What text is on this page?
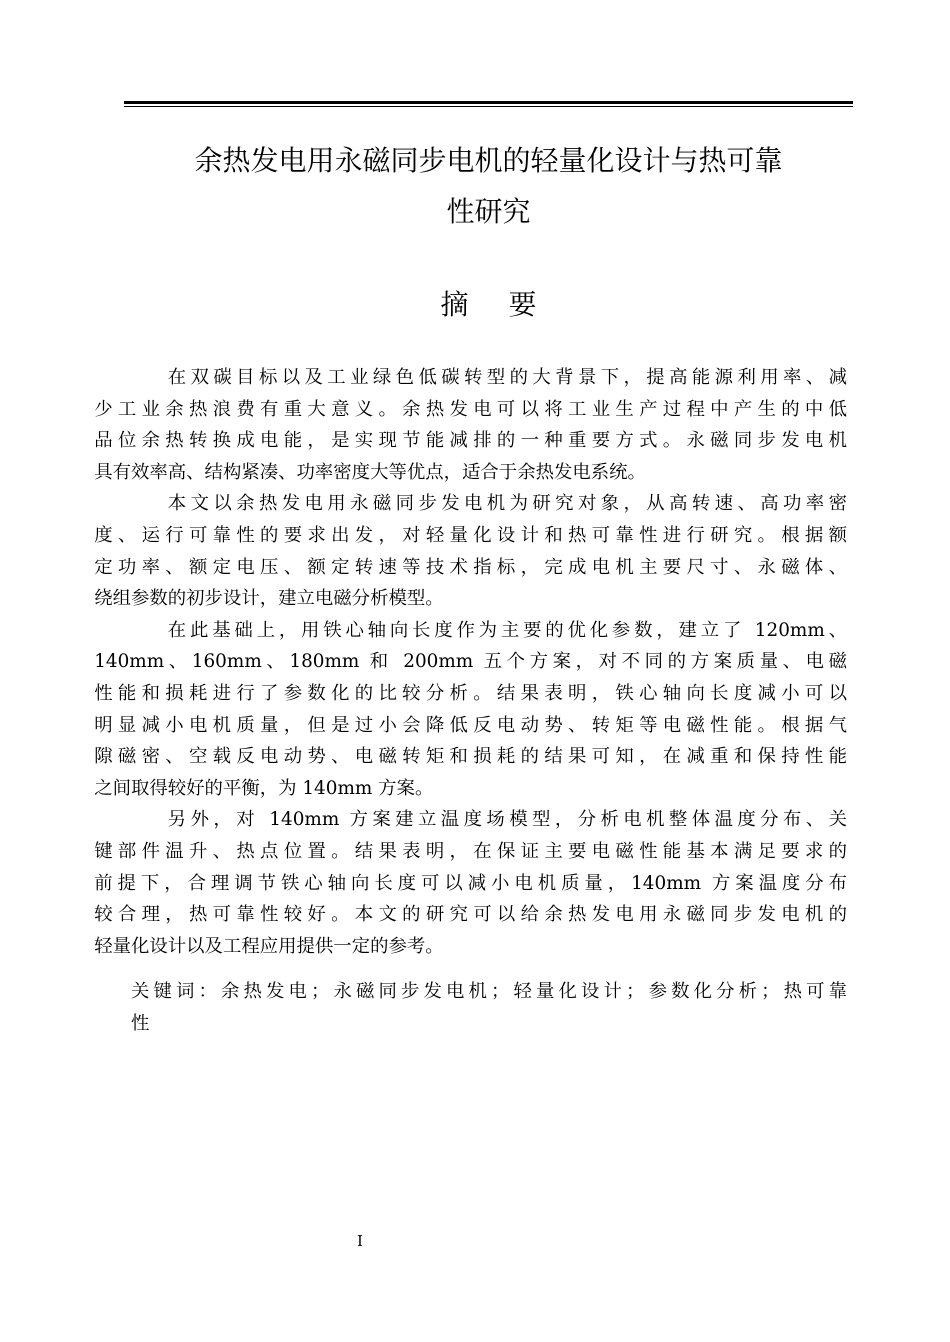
余热发电用永磁同步电机的轻量化设计与热可靠
性研究
摘要

在双碳目标以及工业绿色低碳转型的大背景下，提高能源利用率、减
少工业余热浪费有重大意义。余热发电可以将工业生产过程中产生的中低
品位余热转换成电能，是实现节能减排的一种重要方式。永磁同步发电机
具有效率高、结构紧凑、功率密度大等优点，适合于余热发电系统。

本文以余热发电用永磁同步发电机为研究对象，从高转速、高功率密
度、运行可靠性的要求出发，对轻量化设计和热可靠性进行研究。根据额
定功率、额定电压、额定转速等技术指标，完成电机主要尺寸、永磁体、
绕组参数的初步设计，建立电磁分析模型。

在此基础上，用铁心轴向长度作为主要的优化参数，建立了 120mm、
140mm、160mm、180mm 和 200mm 五个方案，对不同的方案质量、电磁
性能和损耗进行了参数化的比较分析。结果表明，铁心轴向长度减小可以
明显减小电机质量，但是过小会降低反电动势、转矩等电磁性能。根据气
隙磁密、空载反电动势、电磁转矩和损耗的结果可知，在减重和保持性能
之间取得较好的平衡，为 140mm 方案。

另外，对 140mm 方案建立温度场模型，分析电机整体温度分布、关
键部件温升、热点位置。结果表明，在保证主要电磁性能基本满足要求的
前提下，合理调节铁心轴向长度可以减小电机质量，140mm 方案温度分布
较合理，热可靠性较好。本文的研究可以给余热发电用永磁同步发电机的
轻量化设计以及工程应用提供一定的参考。

关键词：余热发电；永磁同步发电机；轻量化设计；参数化分析；热可靠
性
I
